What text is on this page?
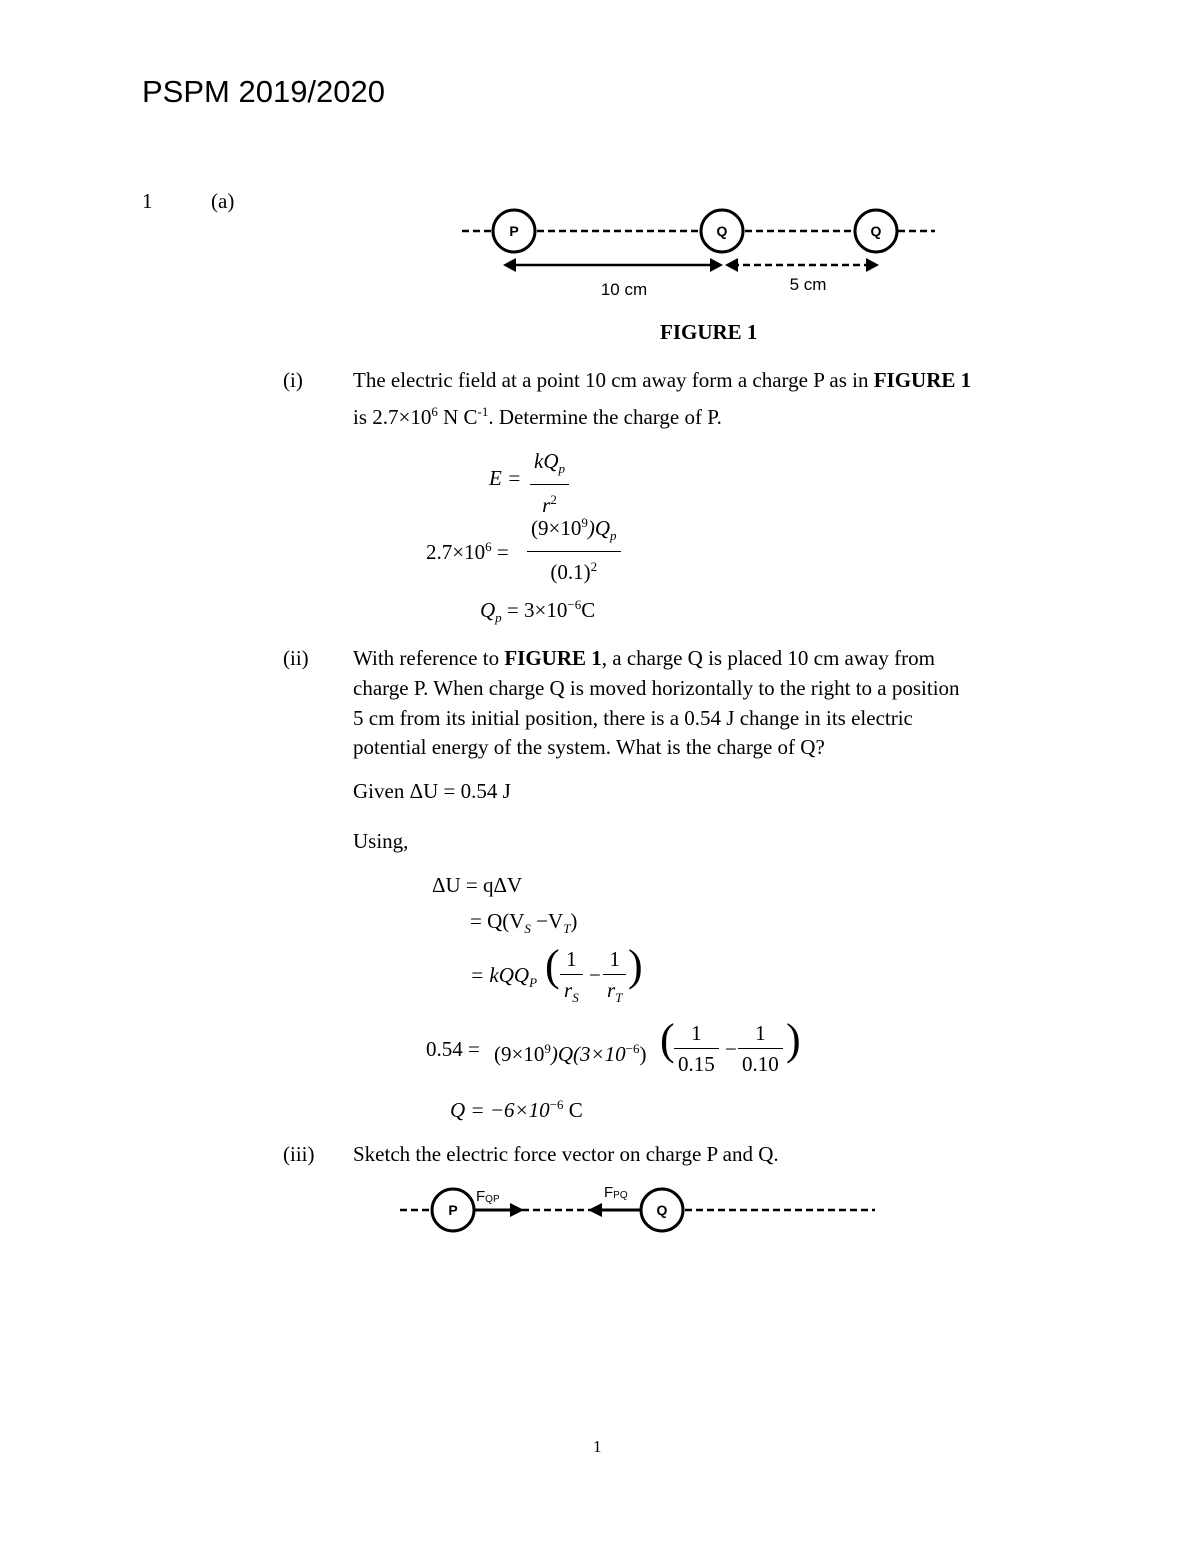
PSPM 2019/2020
1	(a)
P	Q	Q
10 cm	5 cm
FIGURE 1
(i) The electric field at a point 10 cm away form a charge P as in FIGURE 1
is $2.7\times 10^6$ N $C^{-1}$. Determine the charge of P.
$E = \frac{kQ_p}{r^2}$
$2.7\times 10^6 = \frac{(9\times 10^9)Q_p}{(0.1)^2}$
$Q_p = 3\times 10^{-6}C$
(ii) With reference to FIGURE 1, a charge Q is placed 10 cm away from
charge P. When charge Q is moved horizontally to the right to a position
5 cm from its initial position, there is a 0.54 J change in its electric
potential energy of the system. What is the charge of Q?
Given ΔU = 0.54 J
Using,
ΔU = qΔV
= $Q(V_S -V_T)$
= kQQ$_P$ ( $\frac{1}{r_S} - \frac{1}{r_T}$ )
$0.54 = (9\times 10^9)Q(3\times 10^{-6})$ ( $\frac{1}{0.15} - \frac{1}{0.10}$ )
$Q = -6\times 10^{-6}$ C
(iii) Sketch the electric force vector on charge P and Q.
P	Q
FQP	FPQ
1
